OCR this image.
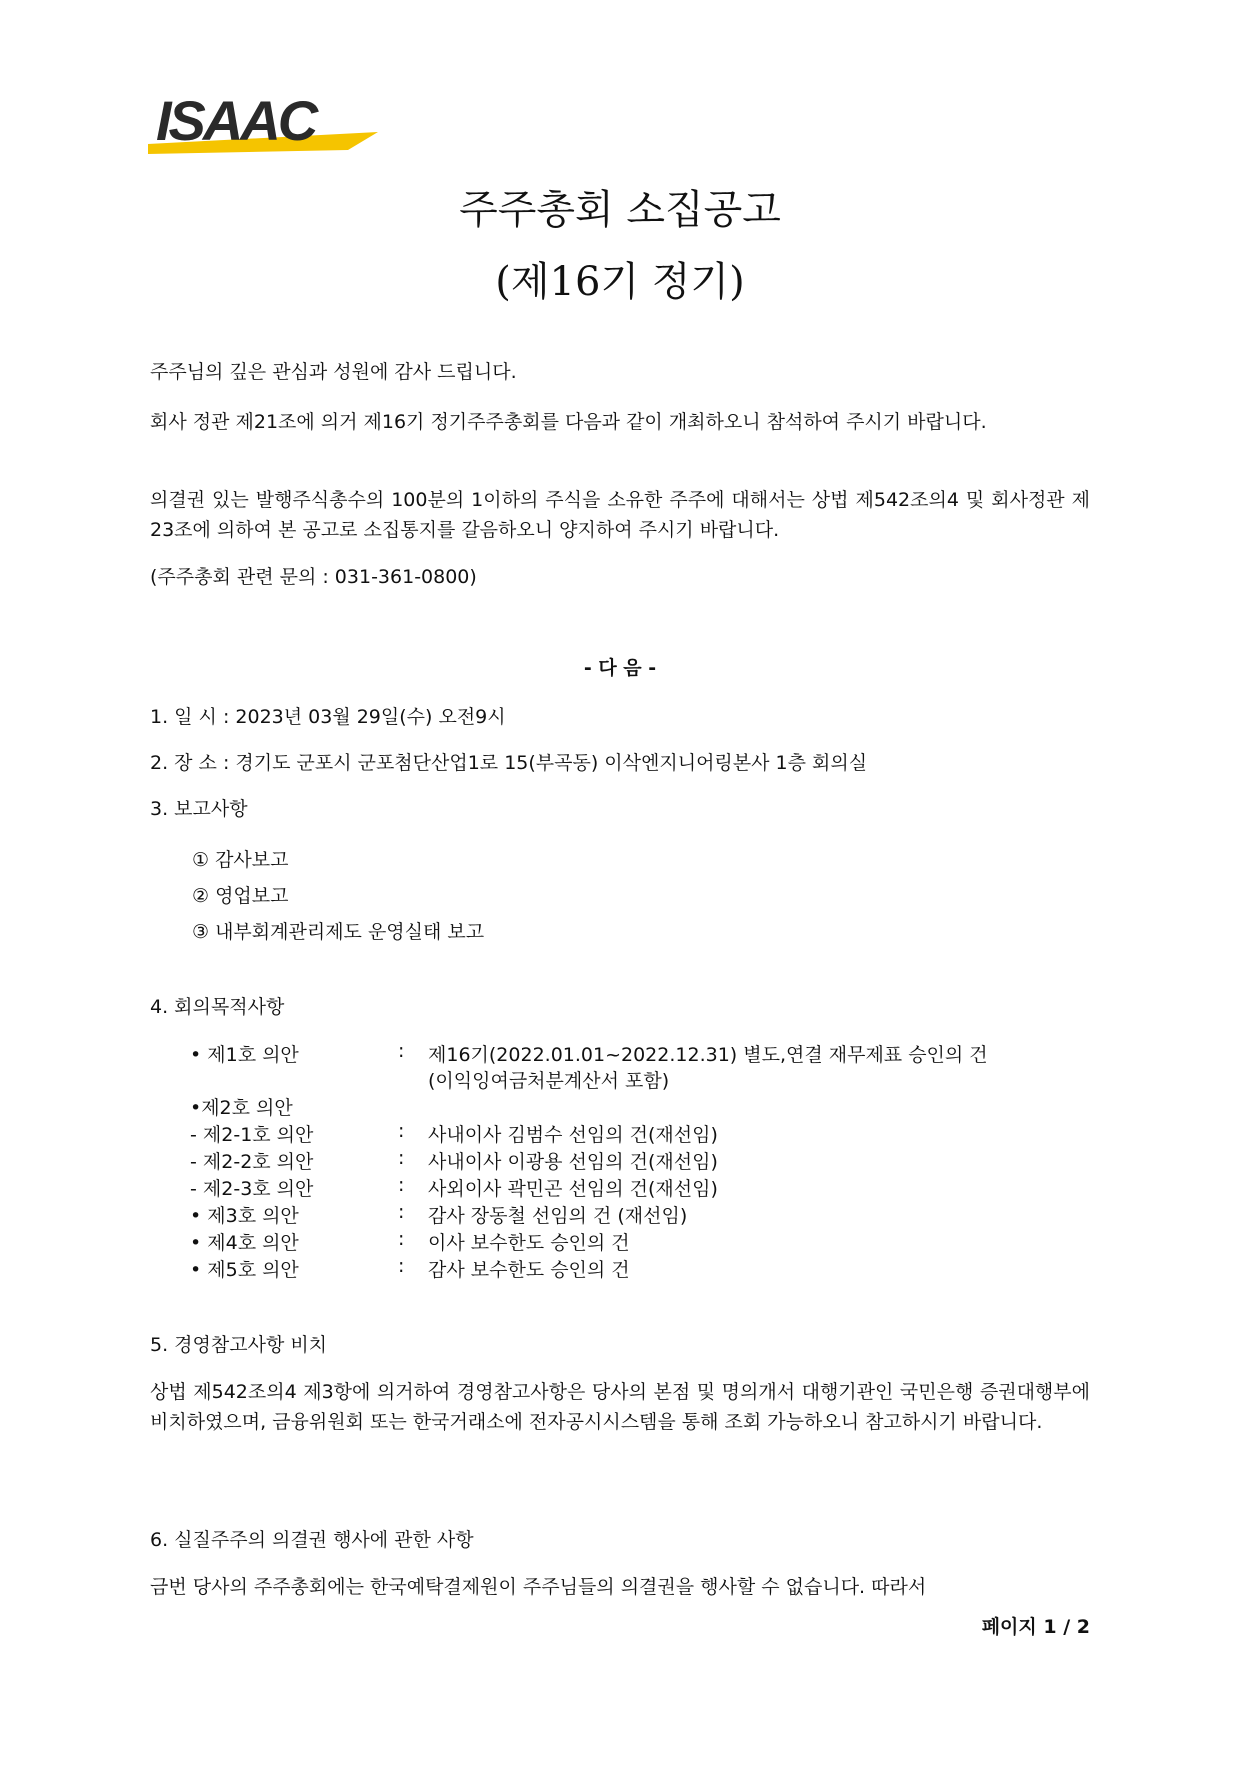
ISAAC
주주총회 소집공고
(제16기 정기)
주주님의 깊은 관심과 성원에 감사 드립니다.
회사 정관 제21조에 의거 제16기 정기주주총회를 다음과 같이 개최하오니 참석하여 주시기 바랍니다.
의결권 있는 발행주식총수의 100분의 1이하의 주식을 소유한 주주에 대해서는 상법 제542조의4 및 회사정관 제23조에 의하여 본 공고로 소집통지를 갈음하오니 양지하여 주시기 바랍니다.
(주주총회 관련 문의 : 031-361-0800)
- 다 음 -
1. 일 시 : 2023년 03월 29일(수) 오전9시
2. 장 소 : 경기도 군포시 군포첨단산업1로 15(부곡동) 이삭엔지니어링본사 1층 회의실
3. 보고사항
① 감사보고
② 영업보고
③ 내부회계관리제도 운영실태 보고
4. 회의목적사항
• 제1호 의안	: 제16기(2022.01.01~2022.12.31) 별도,연결 재무제표 승인의 건
(이익잉여금처분계산서 포함)
•제2호 의안
- 제2-1호 의안	: 사내이사 김범수 선임의 건(재선임)
- 제2-2호 의안	: 사내이사 이광용 선임의 건(재선임)
- 제2-3호 의안	: 사외이사 곽민곤 선임의 건(재선임)
• 제3호 의안	: 감사 장동철 선임의 건 (재선임)
• 제4호 의안	: 이사 보수한도 승인의 건
• 제5호 의안	: 감사 보수한도 승인의 건
5. 경영참고사항 비치
상법 제542조의4 제3항에 의거하여 경영참고사항은 당사의 본점 및 명의개서 대행기관인 국민은행 증권대행부에 비치하였으며, 금융위원회 또는 한국거래소에 전자공시시스템을 통해 조회 가능하오니 참고하시기 바랍니다.
6. 실질주주의 의결권 행사에 관한 사항
금번 당사의 주주총회에는 한국예탁결제원이 주주님들의 의결권을 행사할 수 없습니다. 따라서
페이지 1 / 2
